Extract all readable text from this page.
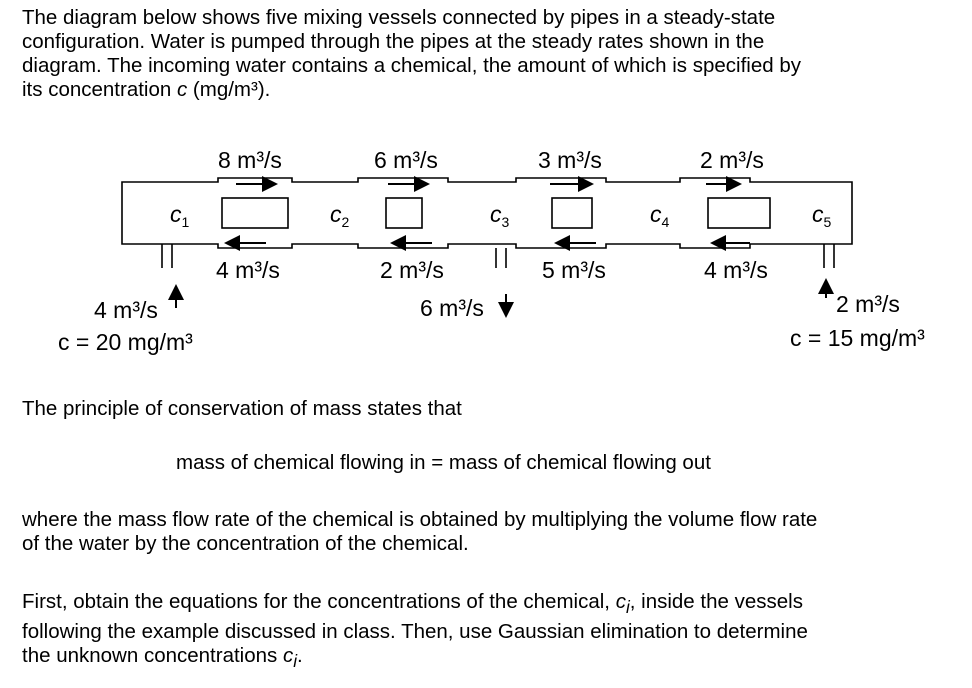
The diagram below shows five mixing vessels connected by pipes in a steady-state
configuration. Water is pumped through the pipes at the steady rates shown in the
diagram. The incoming water contains a chemical, the amount of which is specified by
its concentration c (mg/m³).

$c_1$	$c_2$	$c_3$	$c_4$	$c_5$
8 m³/s	6 m³/s	3 m³/s	2 m³/s
4 m³/s	2 m³/s	5 m³/s	4 m³/s
4 m³/s
c = 20 mg/m³
6 m³/s	2 m³/s
c = 15 mg/m³

The principle of conservation of mass states that

mass of chemical flowing in = mass of chemical flowing out

where the mass flow rate of the chemical is obtained by multiplying the volume flow rate
of the water by the concentration of the chemical.

First, obtain the equations for the concentrations of the chemical, $c_i$, inside the vessels
following the example discussed in class. Then, use Gaussian elimination to determine
the unknown concentrations $c_i$.
